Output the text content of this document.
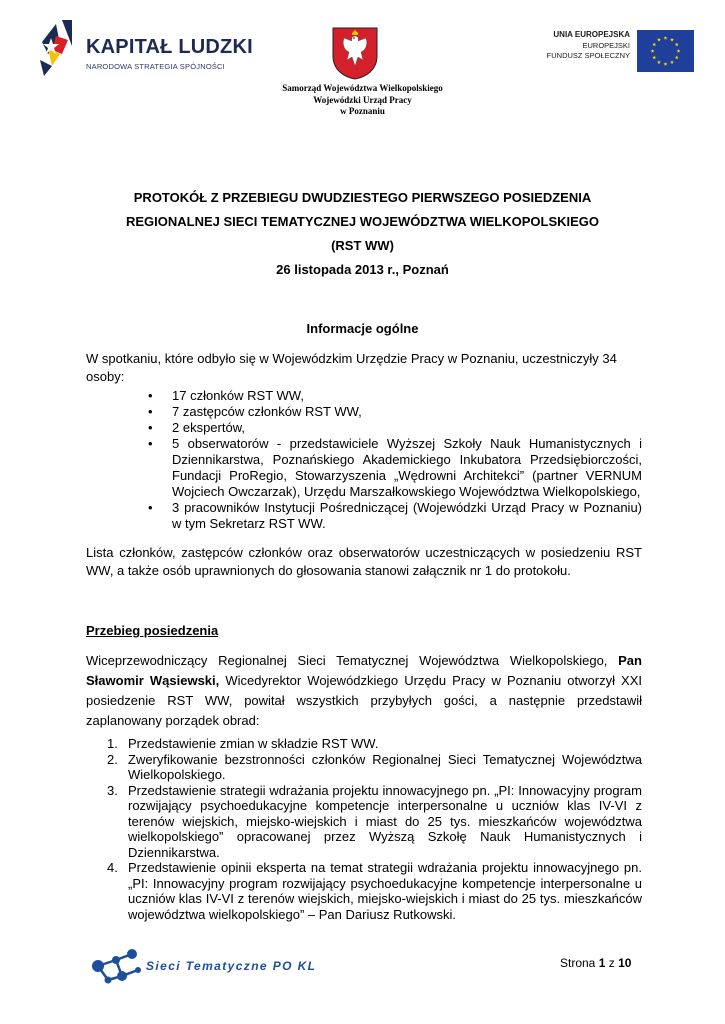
KAPITAŁ LUDZKI
NARODOWA STRATEGIA SPÓJNOŚCI
Samorząd Województwa Wielkopolskiego
Wojewódzki Urząd Pracy
w Poznaniu
UNIA EUROPEJSKA
EUROPEJSKI
FUNDUSZ SPOŁECZNY
PROTOKÓŁ Z PRZEBIEGU DWUDZIESTEGO PIERWSZEGO POSIEDZENIA
REGIONALNEJ SIECI TEMATYCZNEJ WOJEWÓDZTWA WIELKOPOLSKIEGO
(RST WW)
26 listopada 2013 r., Poznań
Informacje ogólne
W spotkaniu, które odbyło się w Wojewódzkim Urzędzie Pracy w Poznaniu, uczestniczyły 34 osoby:
•	17 członków RST WW,
•	7 zastępców członków RST WW,
•	2 ekspertów,
•	5 obserwatorów - przedstawiciele Wyższej Szkoły Nauk Humanistycznych i Dziennikarstwa, Poznańskiego Akademickiego Inkubatora Przedsiębiorczości, Fundacji ProRegio, Stowarzyszenia „Wędrowni Architekci” (partner VERNUM Wojciech Owczarzak), Urzędu Marszałkowskiego Województwa Wielkopolskiego,
•	3 pracowników Instytucji Pośredniczącej (Wojewódzki Urząd Pracy w Poznaniu) w tym Sekretarz RST WW.
Lista członków, zastępców członków oraz obserwatorów uczestniczących w posiedzeniu RST WW, a także osób uprawnionych do głosowania stanowi załącznik nr 1 do protokołu.
Przebieg posiedzenia
Wiceprzewodniczący Regionalnej Sieci Tematycznej Województwa Wielkopolskiego, Pan Sławomir Wąsiewski, Wicedyrektor Wojewódzkiego Urzędu Pracy w Poznaniu otworzył XXI posiedzenie RST WW, powitał wszystkich przybyłych gości, a następnie przedstawił zaplanowany porządek obrad:
1. Przedstawienie zmian w składzie RST WW.
2. Zweryfikowanie bezstronności członków Regionalnej Sieci Tematycznej Województwa Wielkopolskiego.
3. Przedstawienie strategii wdrażania projektu innowacyjnego pn. „PI: Innowacyjny program rozwijający psychoedukacyjne kompetencje interpersonalne u uczniów klas IV-VI z terenów wiejskich, miejsko-wiejskich i miast do 25 tys. mieszkańców województwa wielkopolskiego” opracowanej przez Wyższą Szkołę Nauk Humanistycznych i Dziennikarstwa.
4. Przedstawienie opinii eksperta na temat strategii wdrażania projektu innowacyjnego pn. „PI: Innowacyjny program rozwijający psychoedukacyjne kompetencje interpersonalne u uczniów klas IV-VI z terenów wiejskich, miejsko-wiejskich i miast do 25 tys. mieszkańców województwa wielkopolskiego” – Pan Dariusz Rutkowski.
Sieci Tematyczne PO KL	Strona 1 z 10
